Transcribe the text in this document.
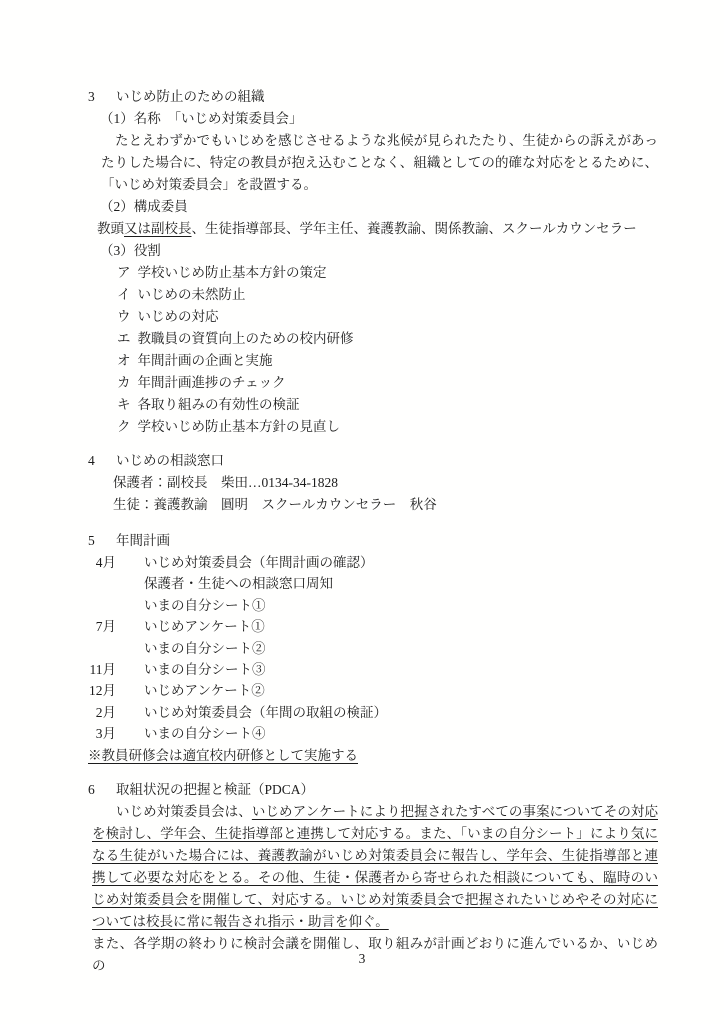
3 いじめ防止のための組織
（1）名称　「いじめ対策委員会」

たとえわずかでもいじめを感じさせるような兆候が見られたたり、生徒からの訴えがあったりした場合に、特定の教員が抱え込むことなく、組織としての的確な対応をとるために、「いじめ対策委員会」を設置する。

（2）構成委員
教頭又は副校長、生徒指導部長、学年主任、養護教諭、関係教諭、スクールカウンセラー
（3）役割
ア 学校いじめ防止基本方針の策定
イ いじめの未然防止
ウ いじめの対応
エ 教職員の資質向上のための校内研修
オ 年間計画の企画と実施
カ 年間計画進捗のチェック
キ 各取り組みの有効性の検証
ク 学校いじめ防止基本方針の見直し
4 いじめの相談窓口
保護者：副校長　柴田…0134-34-1828
生徒：養護教諭　圓明　スクールカウンセラー　秋谷
5 年間計画
4月 いじめ対策委員会（年間計画の確認）
保護者・生徒への相談窓口周知
いまの自分シート①
7月 いじめアンケート①
いまの自分シート②
11月 いまの自分シート③
12月 いじめアンケート②
2月 いじめ対策委員会（年間の取組の検証）
3月 いまの自分シート④
※教員研修会は適宜校内研修として実施する
6 取組状況の把握と検証（PDCA）

いじめ対策委員会は、いじめアンケートにより把握されたすべての事案についてその対応を検討し、学年会、生徒指導部と連携して対応する。また、「いまの自分シート」により気になる生徒がいた場合には、養護教諭がいじめ対策委員会に報告し、学年会、生徒指導部と連携して必要な対応をとる。その他、生徒・保護者から寄せられた相談についても、臨時のいじめ対策委員会を開催して、対応する。いじめ対策委員会で把握されたいじめやその対応については校長に常に報告され指示・助言を仰ぐ。

また、各学期の終わりに検討会議を開催し、取り組みが計画どおりに進んでいるか、いじめの	3
